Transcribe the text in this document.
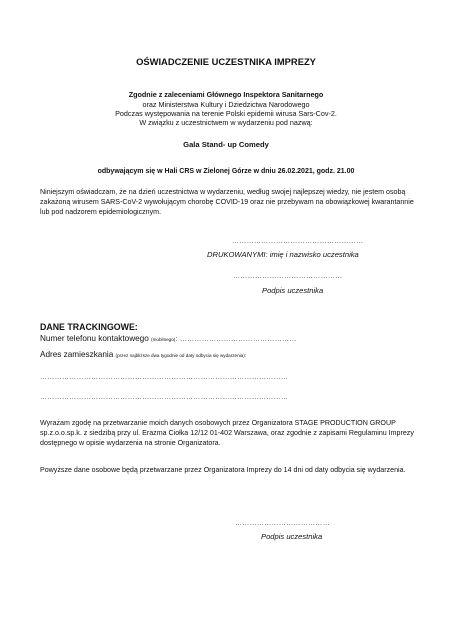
OŚWIADCZENIE UCZESTNIKA IMPREZY
Zgodnie z zaleceniami Głównego Inspektora Sanitarnego
oraz Ministerstwa Kultury i Dziedzictwa Narodowego
Podczas występowania na terenie Polski epidemii wirusa Sars-Cov-2.
W związku z uczestnictwem w wydarzeniu pod nazwą:
Gala Stand- up Comedy
odbywającym się w Hali CRS w Zielonej Górze w dniu 26.02.2021, godz. 21.00
Niniejszym oświadczam, że na dzień uczestnictwa w wydarzeniu, według swojej najlepszej wiedzy, nie jestem osobą zakażoną wirusem SARS-CoV-2 wywołującym chorobę COVID-19 oraz nie przebywam na obowiązkowej kwarantannie lub pod nadzorem epidemiologicznym.
………………………………………………
DRUKOWANYMI: imię i nazwisko uczestnika
………………………………………
Podpis uczestnika
DANE TRACKINGOWE:
Numer telefonu kontaktowego (mobilnego): …………………………………………
Adres zamieszkania (przez najbliższe dwa tygodnie od daty odbycia się wydarzenia):
…………………………………………………………………………………………
…………………………………………………………………………………………
Wyrażam zgodę na przetwarzanie moich danych osobowych przez Organizatora STAGE PRODUCTION GROUP sp.z.o.o.sp.k. z siedzibą przy ul. Erazma Ciołka 12/12 01-402 Warszawa, oraz zgodnie z zapisami Regulaminu Imprezy dostępnego w opisie wydarzenia na stronie Organizatora.
Powyższe dane osobowe będą przetwarzane przez Organizatora Imprezy do 14 dni od daty odbycia się wydarzenia.
…………………………………
Podpis uczestnika
